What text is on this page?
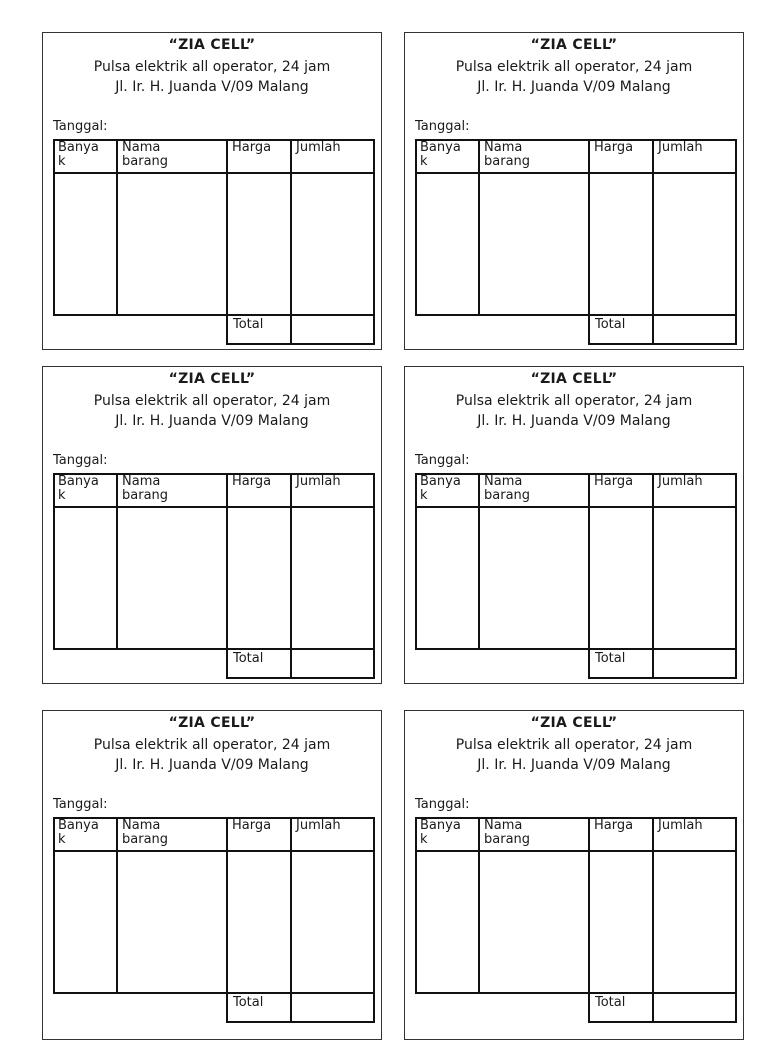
“ZIA CELL”
Pulsa elektrik all operator, 24 jam
Jl. Ir. H. Juanda V/09 Malang
Tanggal:
Banya
k
Nama
barang
Harga Jumlah
Total
“ZIA CELL”
Pulsa elektrik all operator, 24 jam
Jl. Ir. H. Juanda V/09 Malang
Tanggal:
Banya
k
Nama
barang
Harga Jumlah
Total
“ZIA CELL”
Pulsa elektrik all operator, 24 jam
Jl. Ir. H. Juanda V/09 Malang
Tanggal:
Banya
k
Nama
barang
Harga Jumlah
Total
“ZIA CELL”
Pulsa elektrik all operator, 24 jam
Jl. Ir. H. Juanda V/09 Malang
Tanggal:
Banya
k
Nama
barang
Harga Jumlah
Total
“ZIA CELL”
Pulsa elektrik all operator, 24 jam
Jl. Ir. H. Juanda V/09 Malang
Tanggal:
Banya
k
Nama
barang
Harga Jumlah
Total
“ZIA CELL”
Pulsa elektrik all operator, 24 jam
Jl. Ir. H. Juanda V/09 Malang
Tanggal:
Banya
k
Nama
barang
Harga Jumlah
Total
